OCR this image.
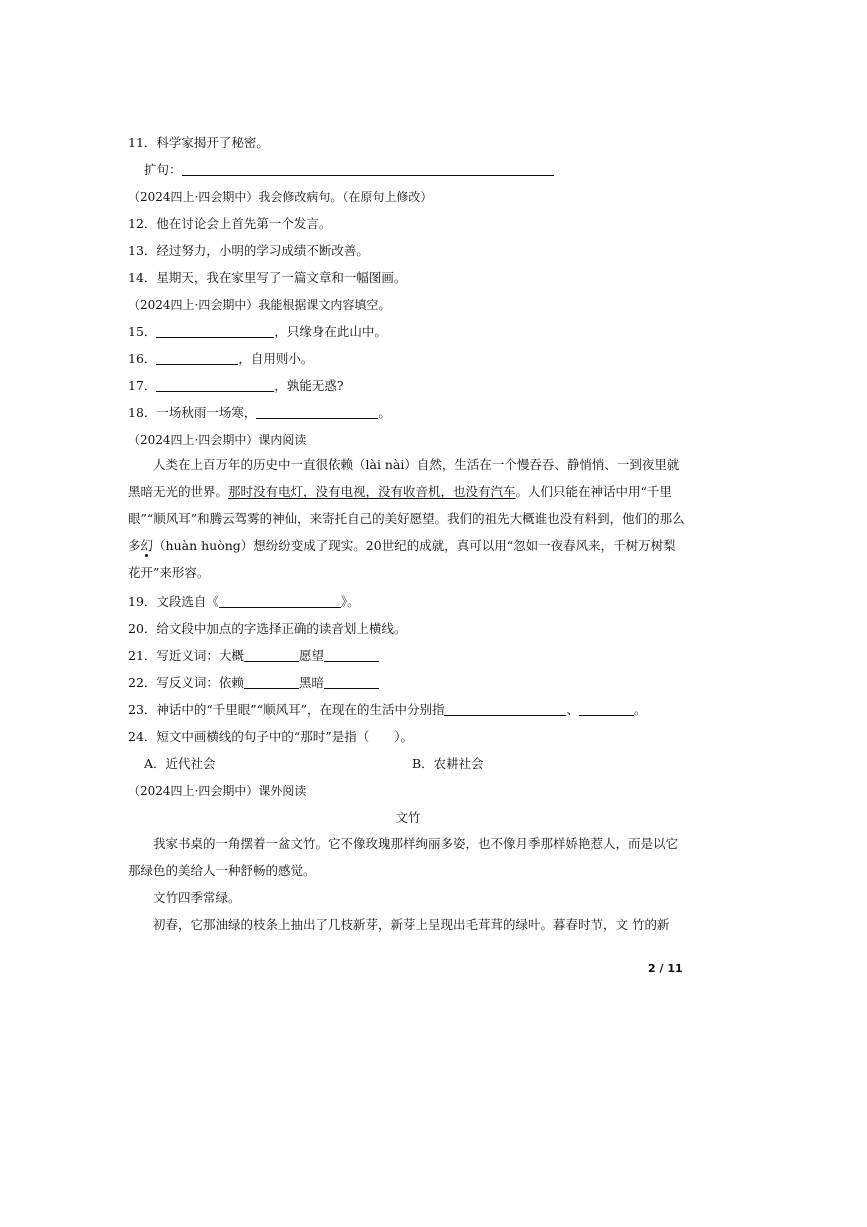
11．科学家揭开了秘密。
扩句：
（2024四上·四会期中）我会修改病句。（在原句上修改）
12．他在讨论会上首先第一个发言。
13．经过努力，小明的学习成绩不断改善。
14．星期天，我在家里写了一篇文章和一幅图画。
（2024四上·四会期中）我能根据课文内容填空。
15．	，只缘身在此山中。
16．	，自用则小。
17．	，孰能无惑?
18．一场秋雨一场寒，	。
（2024四上·四会期中）课内阅读
人类在上百万年的历史中一直很依赖（lài nài）自然，生活在一个慢吞吞、静悄悄、一到夜里就黑暗无光的世界。那时没有电灯，没有电视，没有收音机，也没有汽车。人们只能在神话中用“千里眼”“顺风耳”和腾云驾雾的神仙，来寄托自己的美好愿望。我们的祖先大概谁也没有料到，他们的那么多幻（huàn huòng）想纷纷变成了现实。20世纪的成就，真可以用“忽如一夜春风来，千树万树梨花开”来形容。
19．文段选自《	》。
20．给文段中加点的字选择正确的读音划上横线。
21．写近义词：大概	愿望
22．写反义词：依赖	黑暗
23．神话中的“千里眼”“顺风耳”，在现在的生活中分别指	、	。
24．短文中画横线的句子中的“那时”是指（　　）。
A．近代社会	B．农耕社会
（2024四上·四会期中）课外阅读
文竹
我家书桌的一角摆着一盆文竹。它不像玫瑰那样绚丽多姿，也不像月季那样娇艳惹人，而是以它那绿色的美给人一种舒畅的感觉。
文竹四季常绿。
初春，它那油绿的枝条上抽出了几枝新芽，新芽上呈现出毛茸茸的绿叶。暮春时节，文 竹的新
2 / 11
